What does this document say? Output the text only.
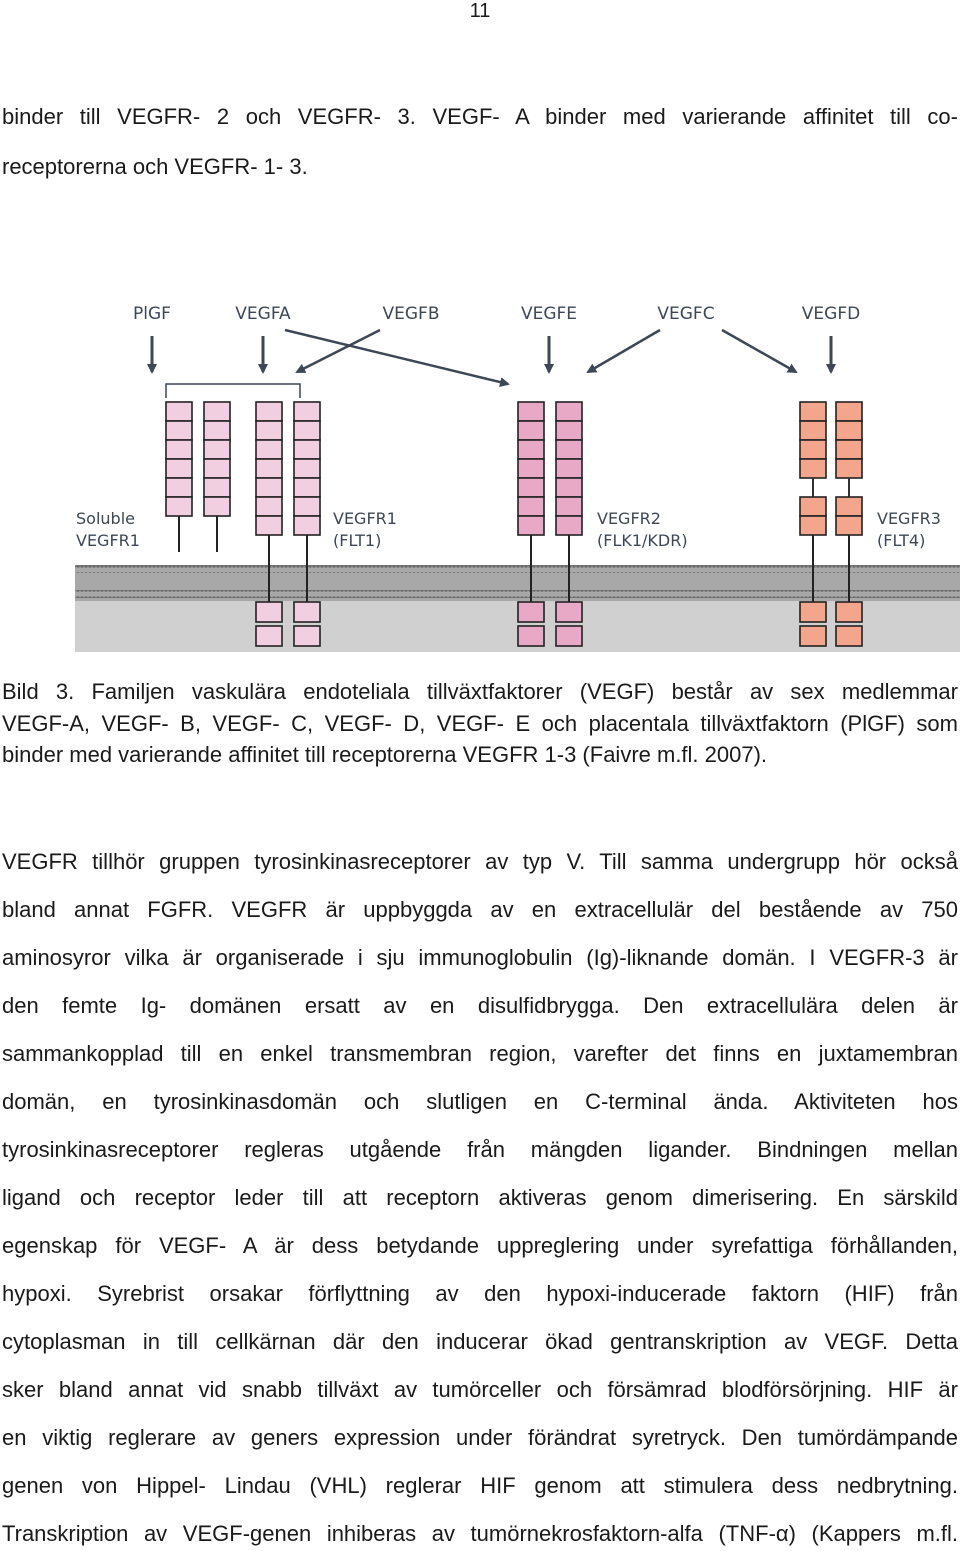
11
binder till VEGFR- 2 och VEGFR- 3. VEGF- A binder med varierande affinitet till co-
receptorerna och VEGFR- 1- 3.
PlGF	VEGFA	VEGFB	VEGFE	VEGFC	VEGFD
Soluble VEGFR1
VEGFR1 (FLT1)
VEGFR2 (FLK1/KDR)
VEGFR3 (FLT4)
Bild 3. Familjen vaskulära endoteliala tillväxtfaktorer (VEGF) består av sex medlemmar
VEGF-A, VEGF- B, VEGF- C, VEGF- D, VEGF- E och placentala tillväxtfaktorn (PlGF) som
binder med varierande affinitet till receptorerna VEGFR 1-3 (Faivre m.fl. 2007).
VEGFR tillhör gruppen tyrosinkinasreceptorer av typ V. Till samma undergrupp hör också
bland annat FGFR. VEGFR är uppbyggda av en extracellulär del bestående av 750
aminosyror vilka är organiserade i sju immunoglobulin (Ig)-liknande domän. I VEGFR-3 är
den femte Ig- domänen ersatt av en disulfidbrygga. Den extracellulära delen är
sammankopplad till en enkel transmembran region, varefter det finns en juxtamembran
domän, en tyrosinkinasdomän och slutligen en C-terminal ända. Aktiviteten hos
tyrosinkinasreceptorer regleras utgående från mängden ligander. Bindningen mellan
ligand och receptor leder till att receptorn aktiveras genom dimerisering. En särskild
egenskap för VEGF- A är dess betydande uppreglering under syrefattiga förhållanden,
hypoxi. Syrebrist orsakar förflyttning av den hypoxi-inducerade faktorn (HIF) från
cytoplasman in till cellkärnan där den inducerar ökad gentranskription av VEGF. Detta
sker bland annat vid snabb tillväxt av tumörceller och försämrad blodförsörjning. HIF är
en viktig reglerare av geners expression under förändrat syretryck. Den tumördämpande
genen von Hippel- Lindau (VHL) reglerar HIF genom att stimulera dess nedbrytning.
Transkription av VEGF-genen inhiberas av tumörnekrosfaktorn-alfa (TNF-α) (Kappers m.fl.
